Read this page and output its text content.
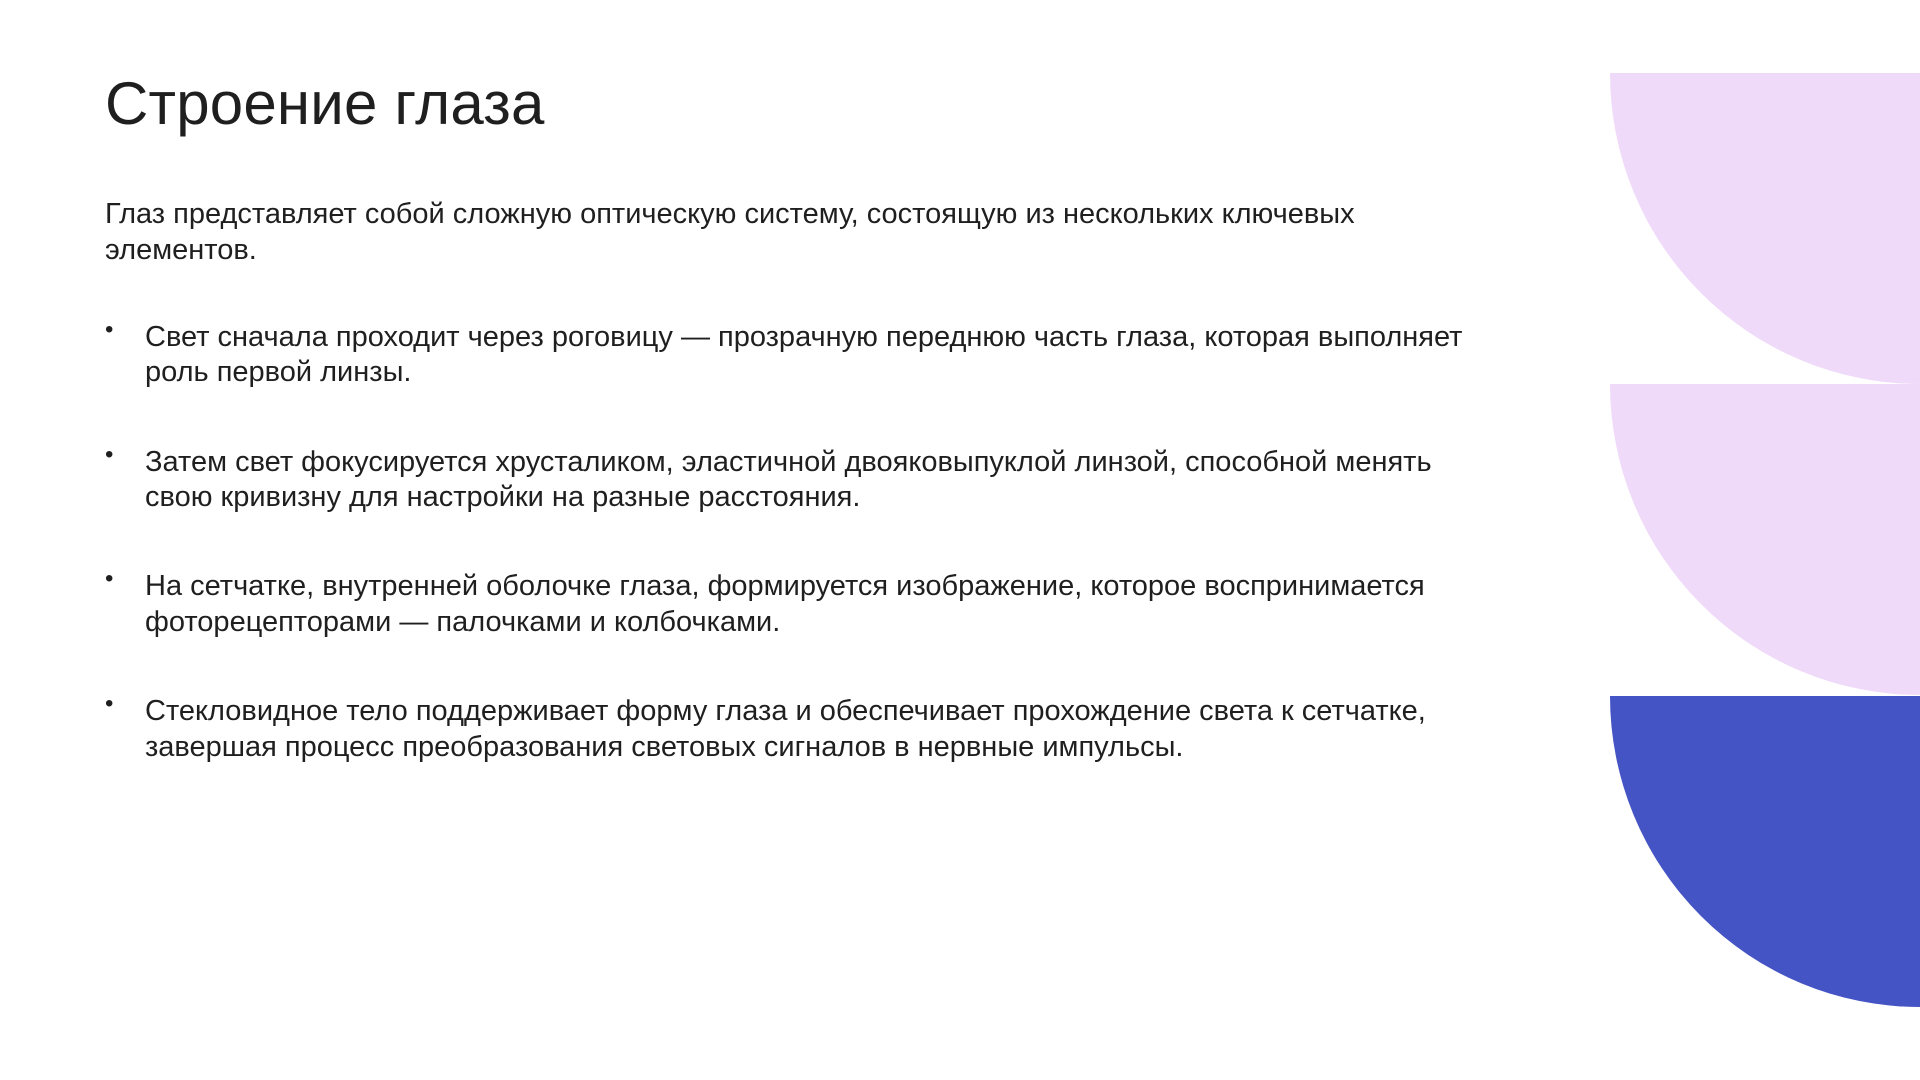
Строение глаза
Глаз представляет собой сложную оптическую систему, состоящую из нескольких ключевых элементов.
•	Свет сначала проходит через роговицу — прозрачную переднюю часть глаза, которая выполняет роль первой линзы.
•	Затем свет фокусируется хрусталиком, эластичной двояковыпуклой линзой, способной менять свою кривизну для настройки на разные расстояния.
•	На сетчатке, внутренней оболочке глаза, формируется изображение, которое воспринимается фоторецепторами — палочками и колбочками.
•	Стекловидное тело поддерживает форму глаза и обеспечивает прохождение света к сетчатке, завершая процесс преобразования световых сигналов в нервные импульсы.
